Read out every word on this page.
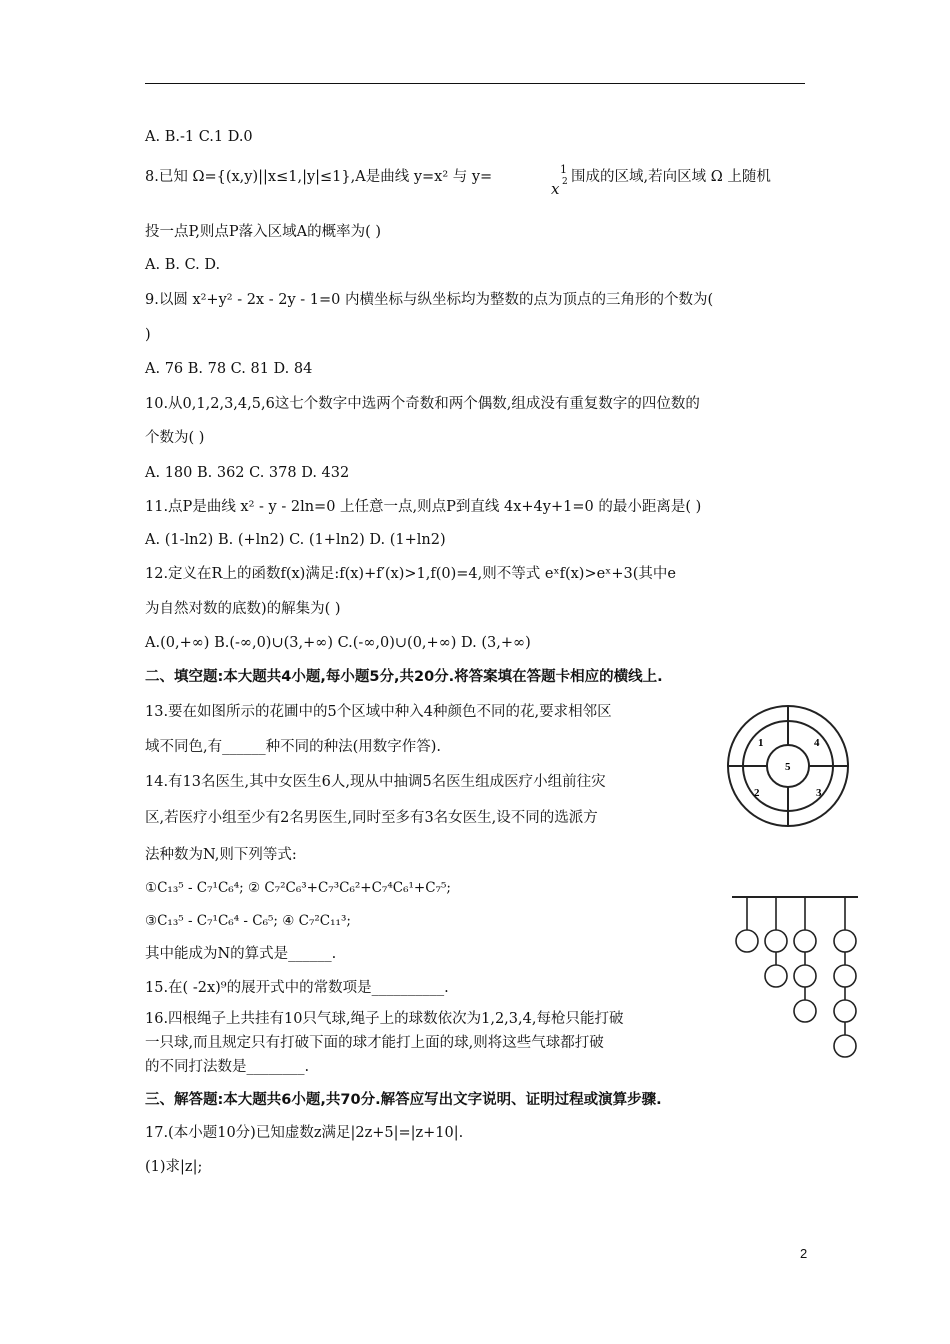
A. B.-1 C.1 D.0
8.已知 Ω={(x,y)||x≤1,|y|≤1},A是曲线 y=x² 与 y=	1
x 2 围成的区域,若向区域 Ω 上随机
投一点P,则点P落入区域A的概率为( )
A. B. C. D.
9.以圆 x²+y² - 2x - 2y - 1=0 内横坐标与纵坐标均为整数的点为顶点的三角形的个数为(
)
A. 76 B. 78 C. 81 D. 84
10.从0,1,2,3,4,5,6这七个数字中选两个奇数和两个偶数,组成没有重复数字的四位数的
个数为( )
A. 180 B. 362 C. 378 D. 432
11.点P是曲线 x² - y - 2ln=0 上任意一点,则点P到直线 4x+4y+1=0 的最小距离是( )
A. (1-ln2) B. (+ln2) C. (1+ln2) D. (1+ln2)
12.定义在R上的函数f(x)满足:f(x)+f′(x)>1,f(0)=4,则不等式 eˣf(x)>eˣ+3(其中e
为自然对数的底数)的解集为( )
A.(0,+∞) B.(-∞,0)∪(3,+∞) C.(-∞,0)∪(0,+∞) D. (3,+∞)
二、填空题:本大题共4小题,每小题5分,共20分.将答案填在答题卡相应的横线上.
13.要在如图所示的花圃中的5个区域中种入4种颜色不同的花,要求相邻区
域不同色,有______种不同的种法(用数字作答).
14.有13名医生,其中女医生6人,现从中抽调5名医生组成医疗小组前往灾
区,若医疗小组至少有2名男医生,同时至多有3名女医生,设不同的选派方
法种数为N,则下列等式:
①C₁₃⁵ - C₇¹C₆⁴; ② C₇²C₆³+C₇³C₆²+C₇⁴C₆¹+C₇⁵;
③C₁₃⁵ - C₇¹C₆⁴ - C₆⁵; ④ C₇²C₁₁³;
其中能成为N的算式是______.
15.在( -2x)⁹的展开式中的常数项是__________.
16.四根绳子上共挂有10只气球,绳子上的球数依次为1,2,3,4,每枪只能打破
一只球,而且规定只有打破下面的球才能打上面的球,则将这些气球都打破
的不同打法数是________.
三、解答题:本大题共6小题,共70分.解答应写出文字说明、证明过程或演算步骤.
17.(本小题10分)已知虚数z满足|2z+5|=|z+10|.
(1)求|z|;
1	4
5
2	3
2
